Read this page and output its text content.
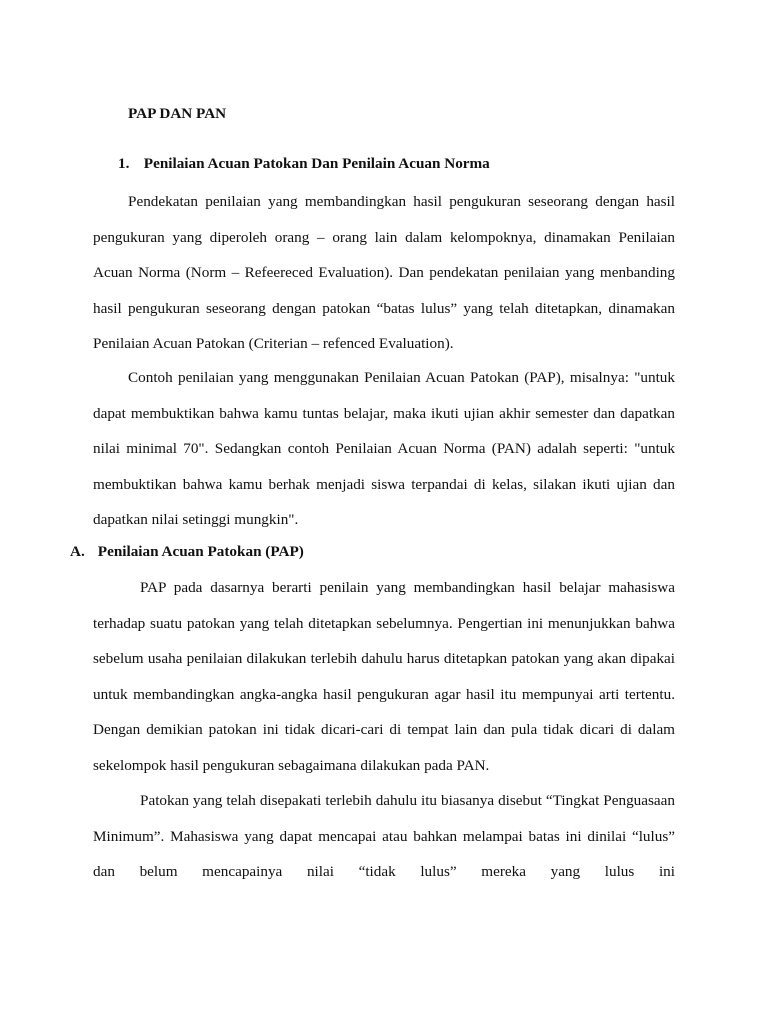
PAP DAN PAN
1. Penilaian Acuan Patokan Dan Penilain Acuan Norma

Pendekatan penilaian yang membandingkan hasil pengukuran seseorang dengan hasil pengukuran yang diperoleh orang – orang lain dalam kelompoknya, dinamakan Penilaian Acuan Norma (Norm – Refeereced Evaluation). Dan pendekatan penilaian yang menbanding hasil pengukuran seseorang dengan patokan “batas lulus” yang telah ditetapkan, dinamakan Penilaian Acuan Patokan (Criterian – refenced Evaluation).

Contoh penilaian yang menggunakan Penilaian Acuan Patokan (PAP), misalnya: "untuk dapat membuktikan bahwa kamu tuntas belajar, maka ikuti ujian akhir semester dan dapatkan nilai minimal 70". Sedangkan contoh Penilaian Acuan Norma (PAN) adalah seperti: "untuk membuktikan bahwa kamu berhak menjadi siswa terpandai di kelas, silakan ikuti ujian dan dapatkan nilai setinggi mungkin".

A. Penilaian Acuan Patokan (PAP)

PAP pada dasarnya berarti penilain yang membandingkan hasil belajar mahasiswa terhadap suatu patokan yang telah ditetapkan sebelumnya. Pengertian ini menunjukkan bahwa sebelum usaha penilaian dilakukan terlebih dahulu harus ditetapkan patokan yang akan dipakai untuk membandingkan angka-angka hasil pengukuran agar hasil itu mempunyai arti tertentu. Dengan demikian patokan ini tidak dicari-cari di tempat lain dan pula tidak dicari di dalam sekelompok hasil pengukuran sebagaimana dilakukan pada PAN.

Patokan yang telah disepakati terlebih dahulu itu biasanya disebut “Tingkat Penguasaan Minimum”. Mahasiswa yang dapat mencapai atau bahkan melampai batas ini dinilai “lulus” dan belum mencapainya nilai “tidak lulus” mereka yang lulus ini
